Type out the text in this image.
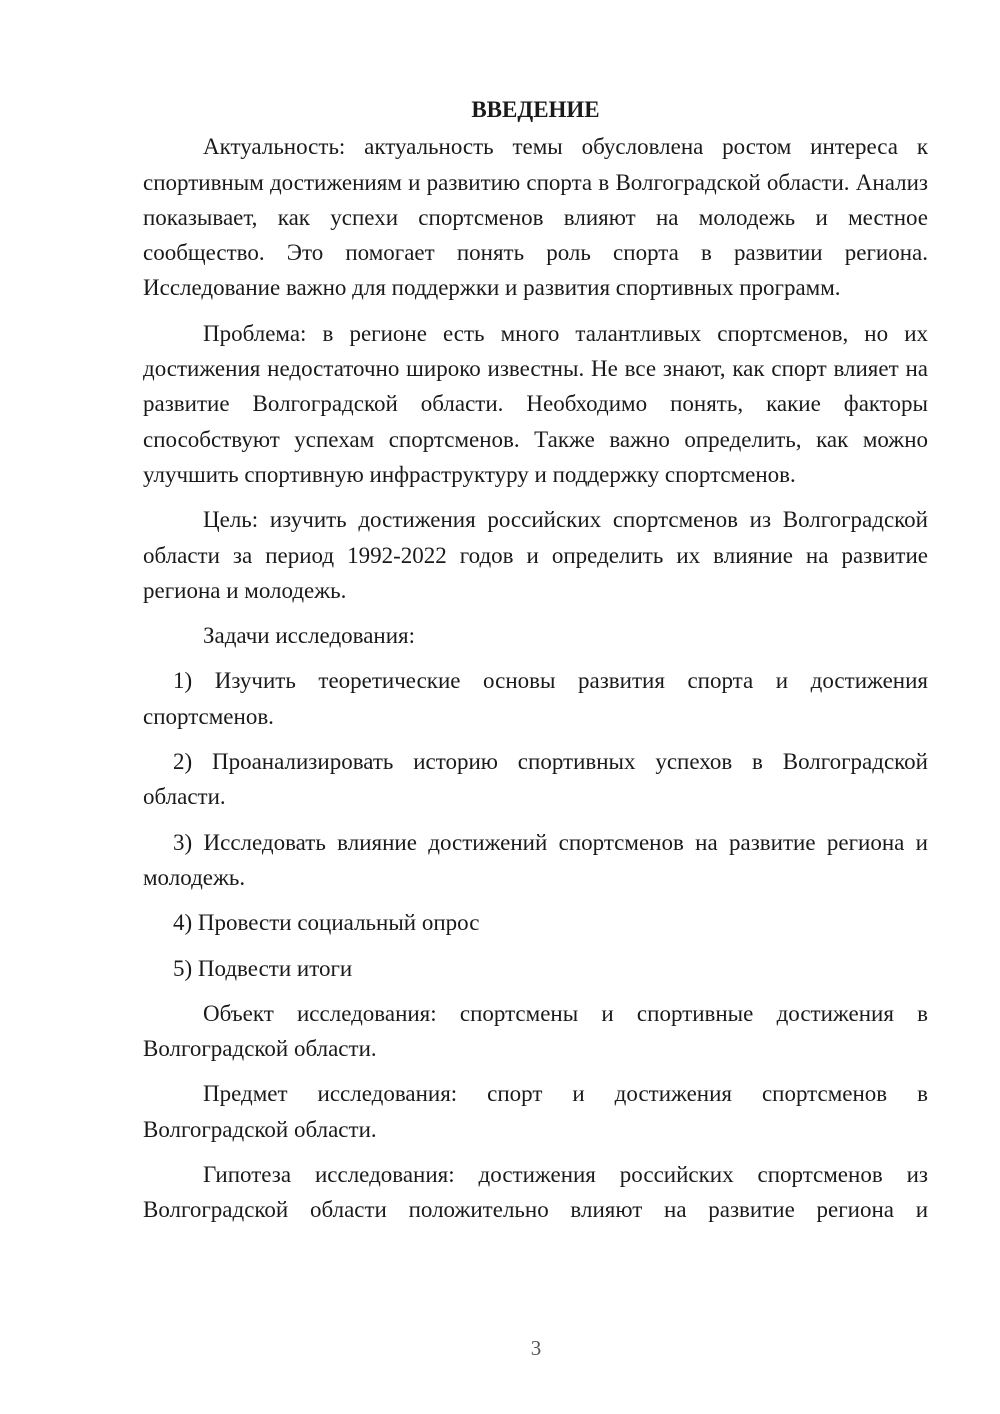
ВВЕДЕНИЕ

Актуальность: актуальность темы обусловлена ростом интереса к спортивным достижениям и развитию спорта в Волгоградской области. Анализ показывает, как успехи спортсменов влияют на молодежь и местное сообщество. Это помогает понять роль спорта в развитии региона. Исследование важно для поддержки и развития спортивных программ.

Проблема: в регионе есть много талантливых спортсменов, но их достижения недостаточно широко известны. Не все знают, как спорт влияет на развитие Волгоградской области. Необходимо понять, какие факторы способствуют успехам спортсменов. Также важно определить, как можно улучшить спортивную инфраструктуру и поддержку спортсменов.

Цель: изучить достижения российских спортсменов из Волгоградской области за период 1992-2022 годов и определить их влияние на развитие региона и молодежь.

Задачи исследования:

1) Изучить теоретические основы развития спорта и достижения спортсменов.

2) Проанализировать историю спортивных успехов в Волгоградской области.

3) Исследовать влияние достижений спортсменов на развитие региона и молодежь.

4) Провести социальный опрос

5) Подвести итоги

Объект исследования: спортсмены и спортивные достижения в Волгоградской области.

Предмет исследования: спорт и достижения спортсменов в Волгоградской области.

Гипотеза исследования: достижения российских спортсменов из Волгоградской области положительно влияют на развитие региона и

3
